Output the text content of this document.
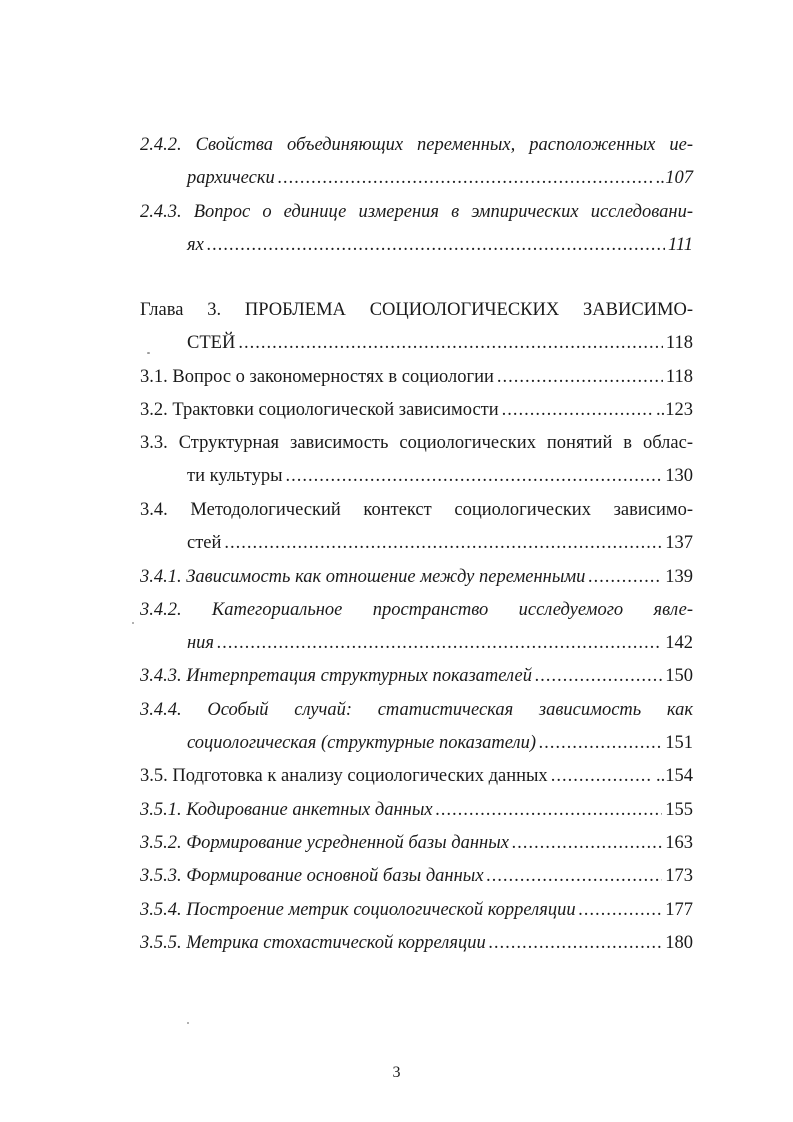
2.4.2. Свойства объединяющих переменных, расположенных ие-
рархически .....	..107
2.4.3. Вопрос о единице измерения в эмпирических исследовани-
ях .....	111
Глава 3. ПРОБЛЕМА СОЦИОЛОГИЧЕСКИХ ЗАВИСИМО-
СТЕЙ .....	118
3.1. Вопрос о закономерностях в социологии .....	118
3.2. Трактовки социологической зависимости .....	..123
3.3. Структурная зависимость социологических понятий в облас-
ти культуры .....	130
3.4. Методологический контекст социологических зависимо-
стей .....	137
3.4.1. Зависимость как отношение между переменными .....	139
3.4.2. Категориальное пространство исследуемого явле-
ния .....	142
3.4.3. Интерпретация структурных показателей .....	150
3.4.4. Особый случай: статистическая зависимость как
социологическая (структурные показатели) .....	151
3.5. Подготовка к анализу социологических данных .....	..154
3.5.1. Кодирование анкетных данных .....	155
3.5.2. Формирование усредненной базы данных .....	163
3.5.3. Формирование основной базы данных .....	173
3.5.4. Построение метрик социологической корреляции .....	177
3.5.5. Метрика стохастической корреляции .....	180
3
